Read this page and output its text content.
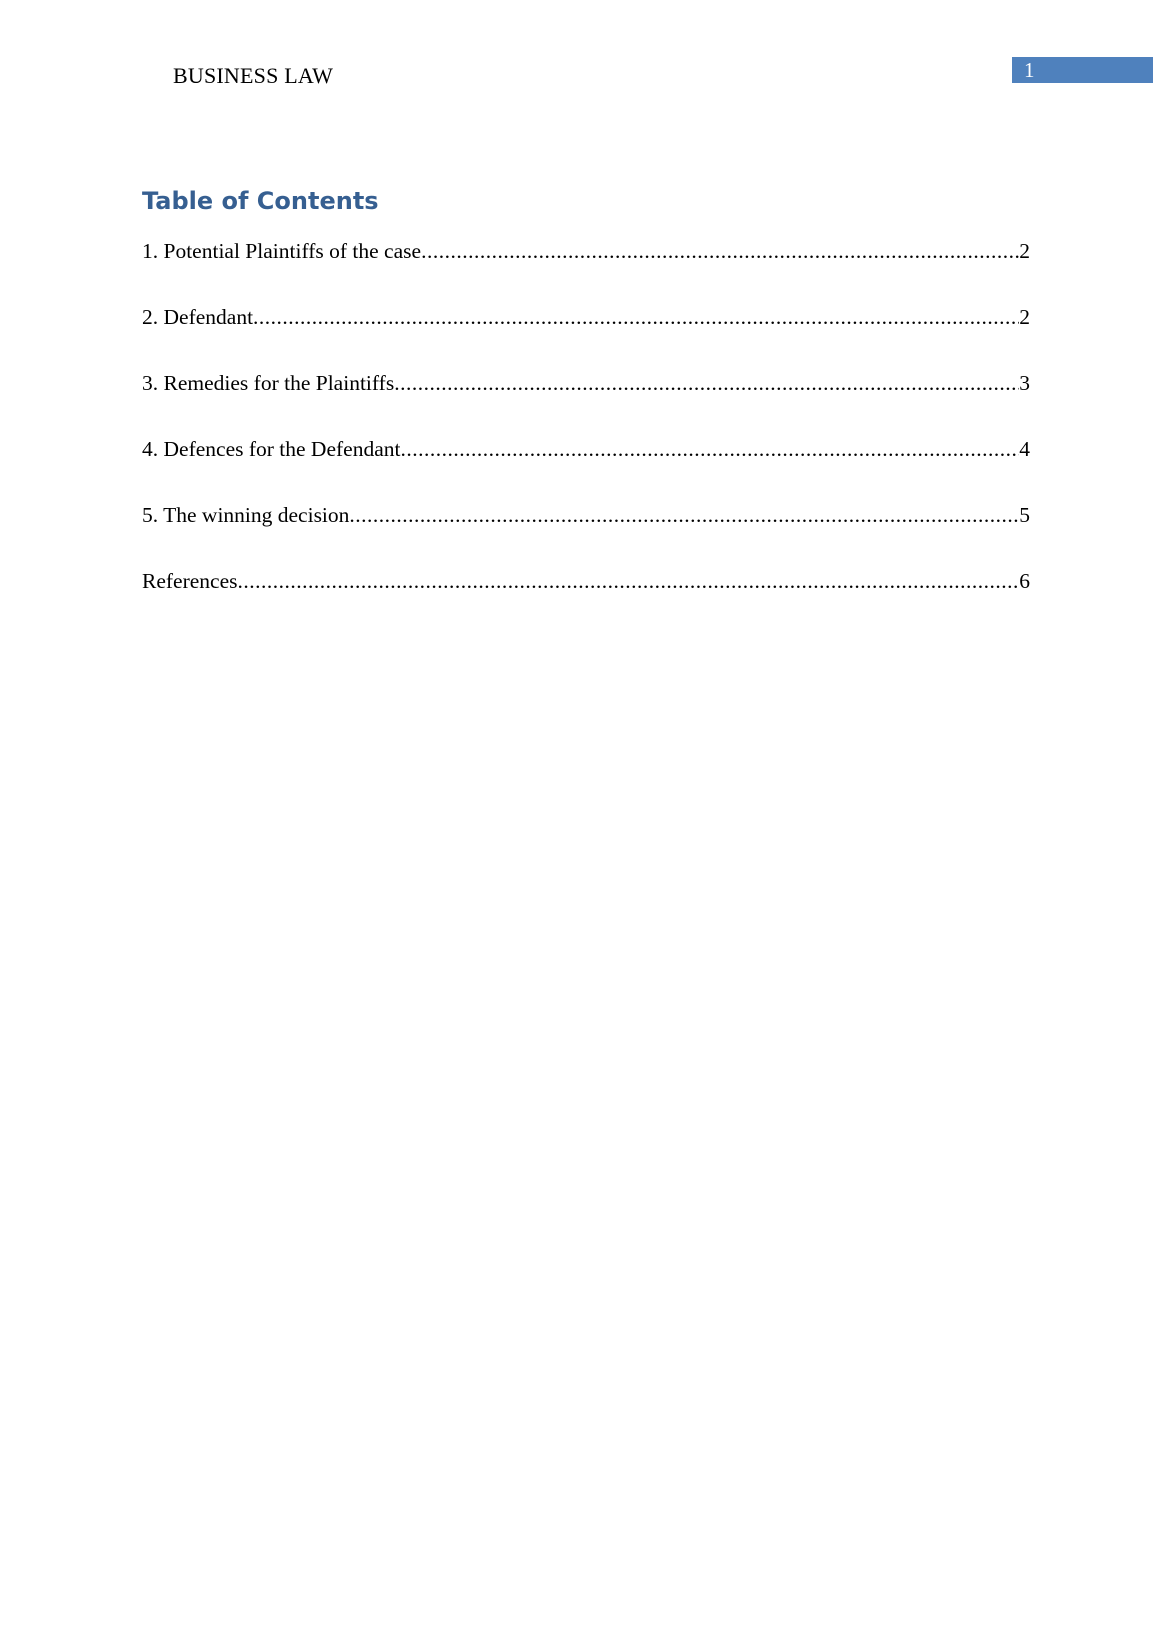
BUSINESS LAW	1
Table of Contents
1. Potential Plaintiffs of the case .....	2
2. Defendant .....	2
3. Remedies for the Plaintiffs .....	3
4. Defences for the Defendant .....	4
5. The winning decision .....	5
References .....	6
